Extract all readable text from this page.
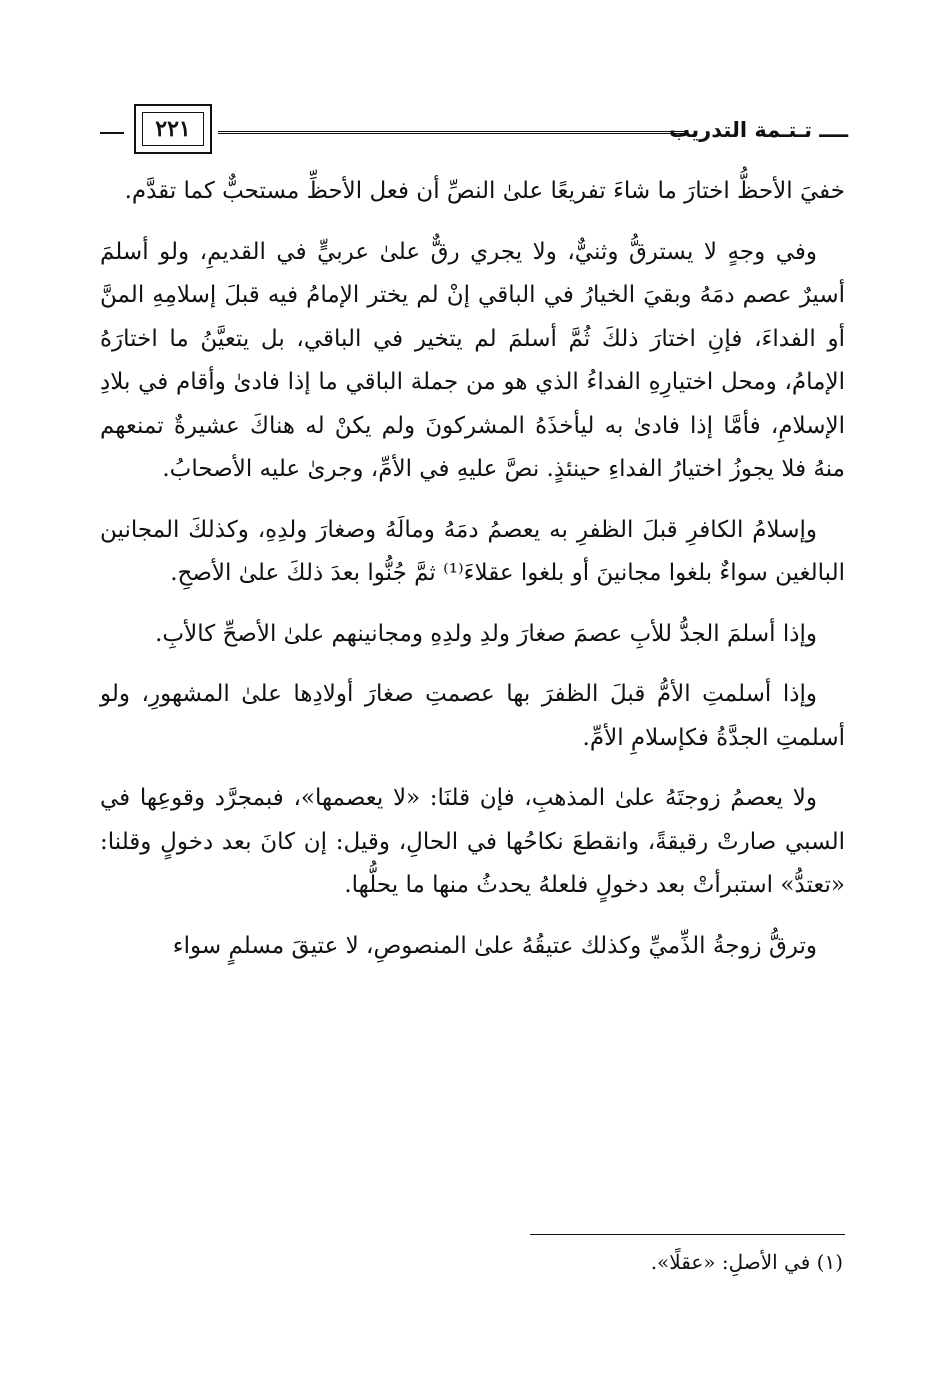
٢٢١	ــــ تـتـمة التدريب

خفيَ الأحظُّ اختارَ ما شاءَ تفريعًا علىٰ النصِّ أن فعل الأحظِّ مستحبٌّ كما تقدَّم.

وفي وجهٍ لا يسترقُّ وثنيٌّ، ولا يجري رقٌّ علىٰ عربيٍّ في القديمِ، ولو أسلمَ أسيرٌ عصم دمَهُ وبقيَ الخيارُ في الباقي إنْ لم يختر الإمامُ فيه قبلَ إسلامِهِ المنَّ أو الفداءَ، فإنِ اختارَ ذلكَ ثُمَّ أسلمَ لم يتخير في الباقي، بل يتعيَّنُ ما اختارَهُ الإمامُ، ومحل اختيارِهِ الفداءُ الذي هو من جملة الباقي ما إذا فادىٰ وأقام في بلادِ الإسلامِ، فأمَّا إذا فادىٰ به ليأخذَهُ المشركونَ ولم يكنْ له هناكَ عشيرةٌ تمنعهم منهُ فلا يجوزُ اختيارُ الفداءِ حينئذٍ. نصَّ عليهِ في الأمِّ، وجرىٰ عليه الأصحابُ.

وإسلامُ الكافرِ قبلَ الظفرِ به يعصمُ دمَهُ ومالَهُ وصغارَ ولدِهِ، وكذلكَ المجانين البالغين سواءٌ بلغوا مجانينَ أو بلغوا عقلاءَ⁽¹⁾ ثمَّ جُنُّوا بعدَ ذلكَ علىٰ الأصحِ.

وإذا أسلمَ الجدُّ للأبِ عصمَ صغارَ ولدِ ولدِهِ ومجانينهم علىٰ الأصحِّ كالأبِ.

وإذا أسلمتِ الأمُّ قبلَ الظفرَ بها عصمتِ صغارَ أولادِها علىٰ المشهورِ، ولو أسلمتِ الجدَّةُ فكإسلامِ الأمِّ.

ولا يعصمُ زوجتَهُ علىٰ المذهبِ، فإن قلنَا: «لا يعصمها»، فبمجرَّد وقوعِها في السبي صارتْ رقيقةً، وانقطعَ نكاحُها في الحالِ، وقيل: إن كانَ بعد دخولٍ وقلنا: «تعتدُّ» استبرأتْ بعد دخولٍ فلعلهُ يحدثُ منها ما يحلُّها.

وترقُّ زوجةُ الذِّميِّ وكذلك عتيقُهُ علىٰ المنصوصِ، لا عتيقَ مسلمٍ سواء

(١) في الأصلِ: «عقلًا».
